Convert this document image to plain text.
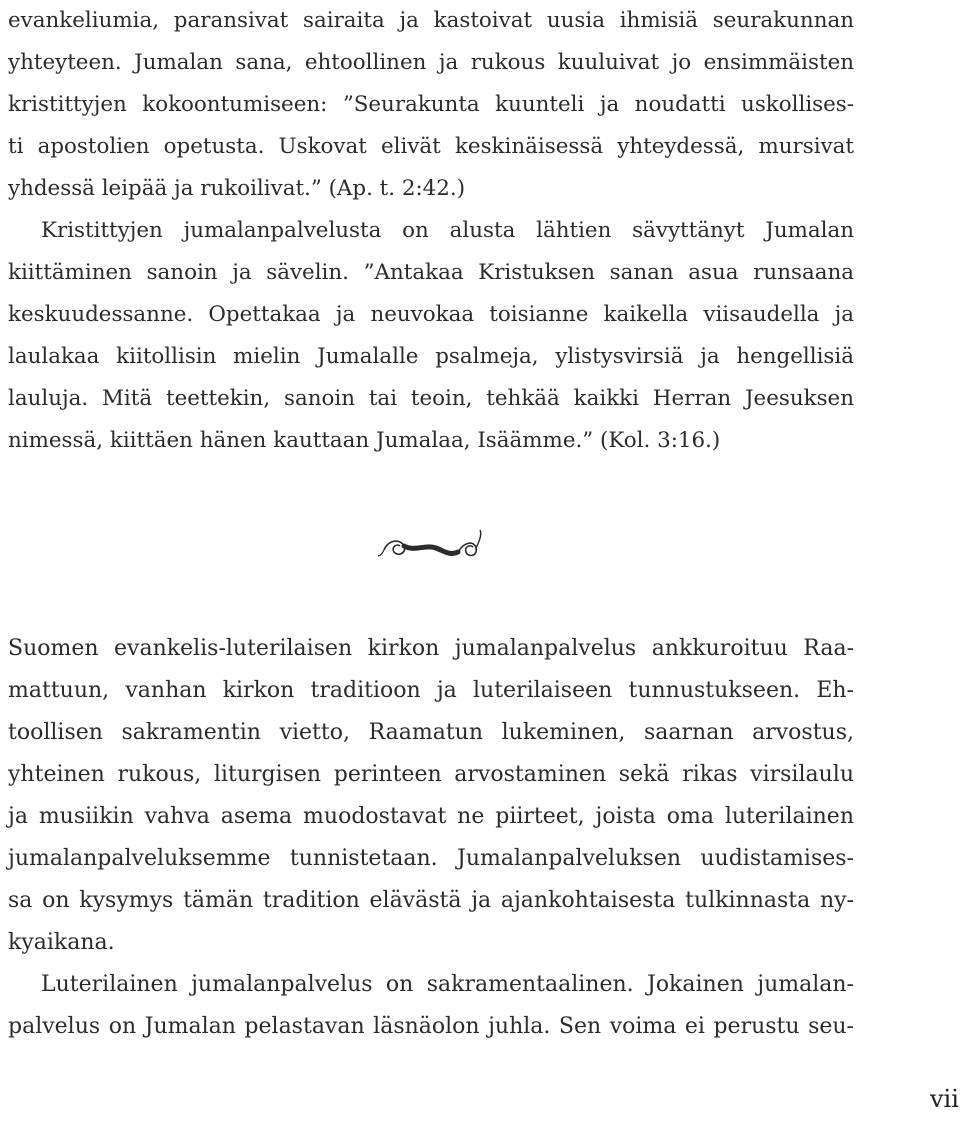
evankeliumia, paransivat sairaita ja kastoivat uusia ihmisiä seurakunnan
yhteyteen. Jumalan sana, ehtoollinen ja rukous kuuluivat jo ensimmäisten
kristittyjen kokoontumiseen: ”Seurakunta kuunteli ja noudatti uskollises-
ti apostolien opetusta. Uskovat elivät keskinäisessä yhteydessä, mursivat
yhdessä leipää ja rukoilivat.” (Ap. t. 2:42.)
Kristittyjen jumalanpalvelusta on alusta lähtien sävyttänyt Jumalan
kiittäminen sanoin ja sävelin. ”Antakaa Kristuksen sanan asua runsaana
keskuudessanne. Opettakaa ja neuvokaa toisianne kaikella viisaudella ja
laulakaa kiitollisin mielin Jumalalle psalmeja, ylistysvirsiä ja hengellisiä
lauluja. Mitä teettekin, sanoin tai teoin, tehkää kaikki Herran Jeesuksen
nimessä, kiittäen hänen kauttaan Jumalaa, Isäämme.” (Kol. 3:16.)
Suomen evankelis-luterilaisen kirkon jumalanpalvelus ankkuroituu Raa-
mattuun, vanhan kirkon traditioon ja luterilaiseen tunnustukseen. Eh-
toollisen sakramentin vietto, Raamatun lukeminen, saarnan arvostus,
yhteinen rukous, liturgisen perinteen arvostaminen sekä rikas virsilaulu
ja musiikin vahva asema muodostavat ne piirteet, joista oma luterilainen
jumalanpalveluksemme tunnistetaan. Jumalanpalveluksen uudistamises-
sa on kysymys tämän tradition elävästä ja ajankohtaisesta tulkinnasta ny-
kyaikana.
Luterilainen jumalanpalvelus on sakramentaalinen. Jokainen jumalan-
palvelus on Jumalan pelastavan läsnäolon juhla. Sen voima ei perustu seu-
vii
